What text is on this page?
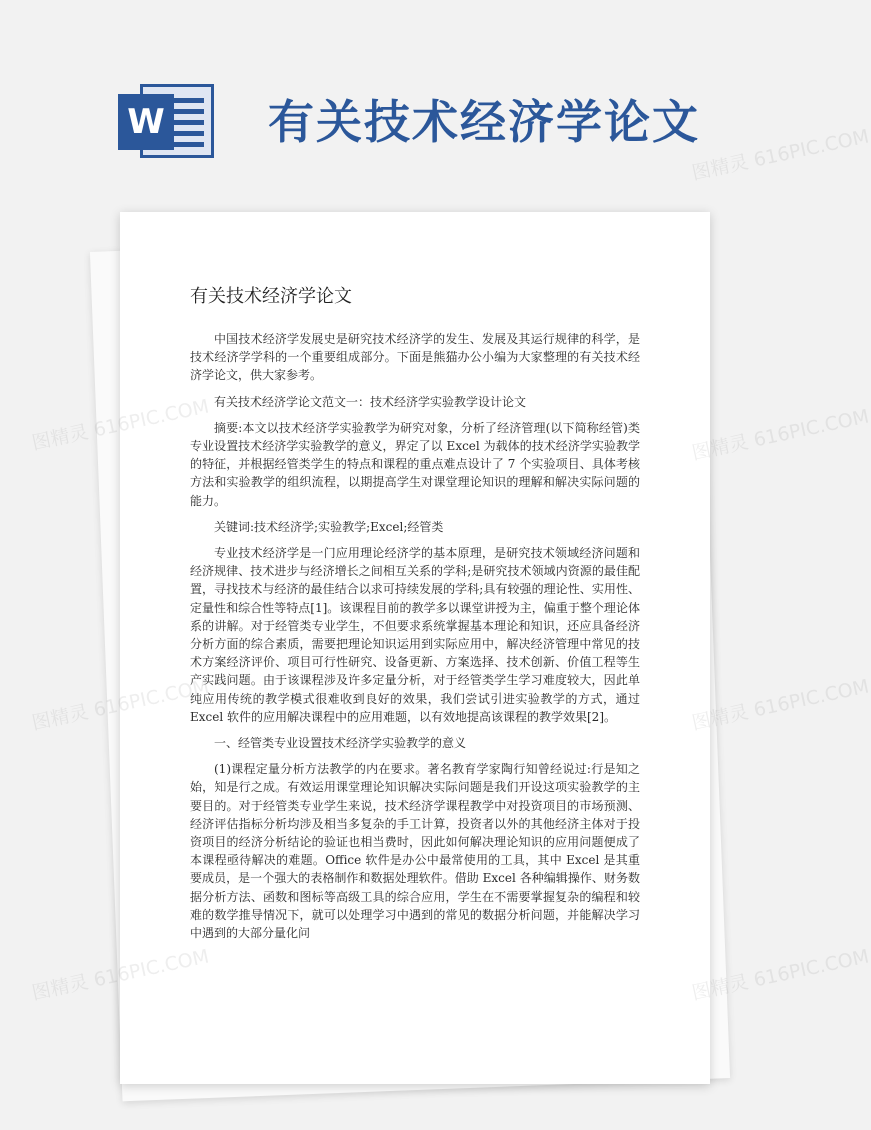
W 有关技术经济学论文
有关技术经济学论文

中国技术经济学发展史是研究技术经济学的发生、发展及其运行规律的科学，是技术经济学学科的一个重要组成部分。下面是熊猫办公小编为大家整理的有关技术经济学论文，供大家参考。

有关技术经济学论文范文一：技术经济学实验教学设计论文

摘要:本文以技术经济学实验教学为研究对象，分析了经济管理(以下简称经管)类专业设置技术经济学实验教学的意义，界定了以 Excel 为载体的技术经济学实验教学的特征，并根据经管类学生的特点和课程的重点难点设计了 7 个实验项目、具体考核方法和实验教学的组织流程，以期提高学生对课堂理论知识的理解和解决实际问题的能力。

关键词:技术经济学;实验教学;Excel;经管类

专业技术经济学是一门应用理论经济学的基本原理，是研究技术领域经济问题和经济规律、技术进步与经济增长之间相互关系的学科;是研究技术领域内资源的最佳配置，寻找技术与经济的最佳结合以求可持续发展的学科;具有较强的理论性、实用性、定量性和综合性等特点[1]。该课程目前的教学多以课堂讲授为主，偏重于整个理论体系的讲解。对于经管类专业学生，不但要求系统掌握基本理论和知识，还应具备经济分析方面的综合素质，需要把理论知识运用到实际应用中，解决经济管理中常见的技术方案经济评价、项目可行性研究、设备更新、方案选择、技术创新、价值工程等生产实践问题。由于该课程涉及许多定量分析，对于经管类学生学习难度较大，因此单纯应用传统的教学模式很难收到良好的效果，我们尝试引进实验教学的方式，通过 Excel 软件的应用解决课程中的应用难题，以有效地提高该课程的教学效果[2]。

一、经管类专业设置技术经济学实验教学的意义

(1)课程定量分析方法教学的内在要求。著名教育学家陶行知曾经说过:行是知之始，知是行之成。有效运用课堂理论知识解决实际问题是我们开设这项实验教学的主要目的。对于经管类专业学生来说，技术经济学课程教学中对投资项目的市场预测、经济评估指标分析均涉及相当多复杂的手工计算，投资者以外的其他经济主体对于投资项目的经济分析结论的验证也相当费时，因此如何解决理论知识的应用问题便成了本课程亟待解决的难题。Office 软件是办公中最常使用的工具，其中 Excel 是其重要成员，是一个强大的表格制作和数据处理软件。借助 Excel 各种编辑操作、财务数据分析方法、函数和图标等高级工具的综合应用，学生在不需要掌握复杂的编程和较难的数学推导情况下，就可以处理学习中遇到的常见的数据分析问题，并能解决学习中遇到的大部分量化问

图精灵 616PIC.COM
图精灵	图精灵 616PIC.COM
图精灵	图精灵 616PIC.COM
图精灵	图精灵 616PIC.COM
